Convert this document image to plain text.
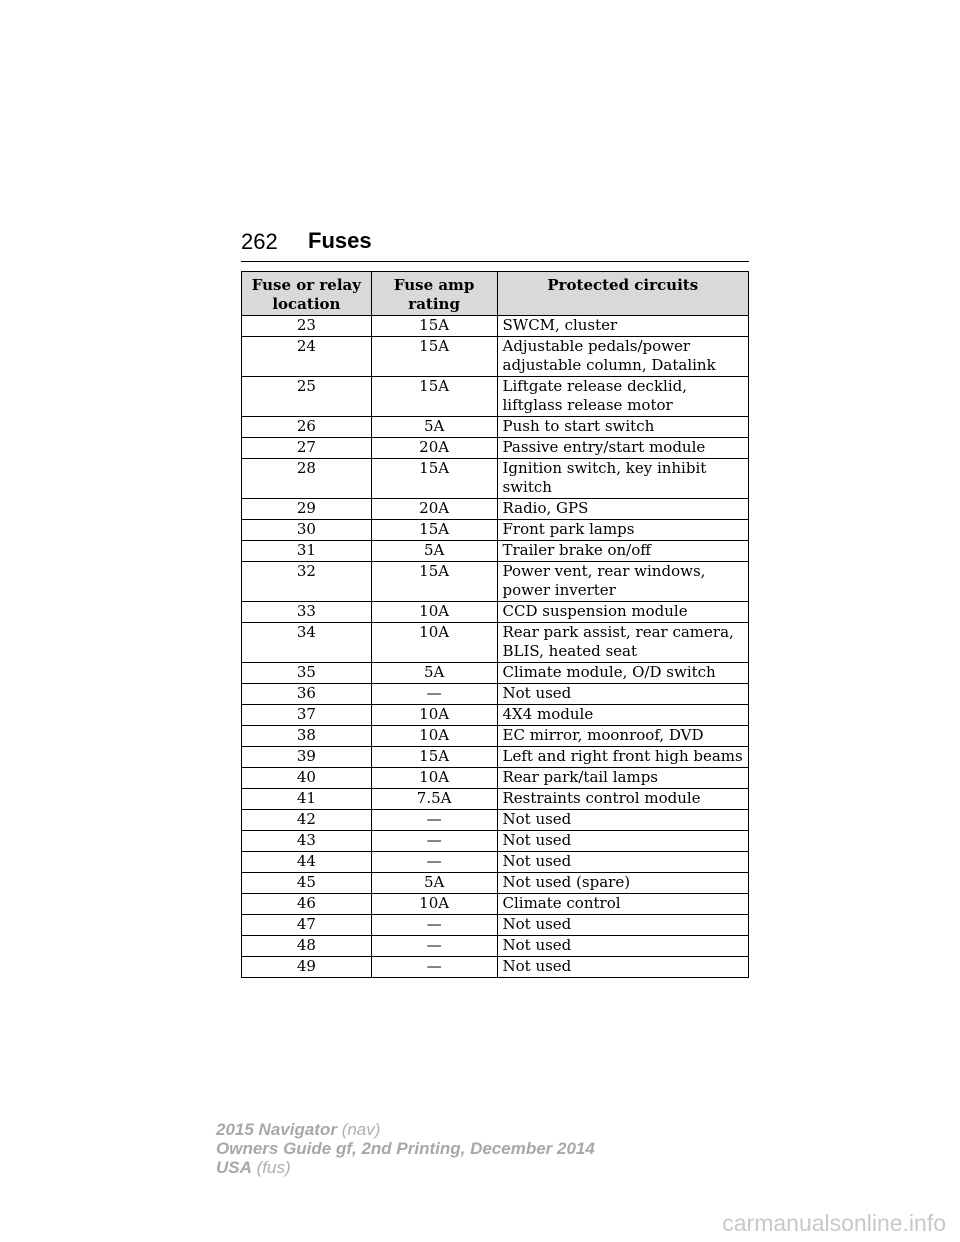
262 Fuses
Fuse or relay location	Fuse amp rating	Protected circuits
23	15A	SWCM, cluster
24	15A	Adjustable pedals/power adjustable column, Datalink
25	15A	Liftgate release decklid, liftglass release motor
26	5A	Push to start switch
27	20A	Passive entry/start module
28	15A	Ignition switch, key inhibit switch
29	20A	Radio, GPS
30	15A	Front park lamps
31	5A	Trailer brake on/off
32	15A	Power vent, rear windows, power inverter
33	10A	CCD suspension module
34	10A	Rear park assist, rear camera, BLIS, heated seat
35	5A	Climate module, O/D switch
36	—	Not used
37	10A	4X4 module
38	10A	EC mirror, moonroof, DVD
39	15A	Left and right front high beams
40	10A	Rear park/tail lamps
41	7.5A	Restraints control module
42	—	Not used
43	—	Not used
44	—	Not used
45	5A	Not used (spare)
46	10A	Climate control
47	—	Not used
48	—	Not used
49	—	Not used
2015 Navigator (nav)
Owners Guide gf, 2nd Printing, December 2014
USA (fus)
carmanualsonline.info
